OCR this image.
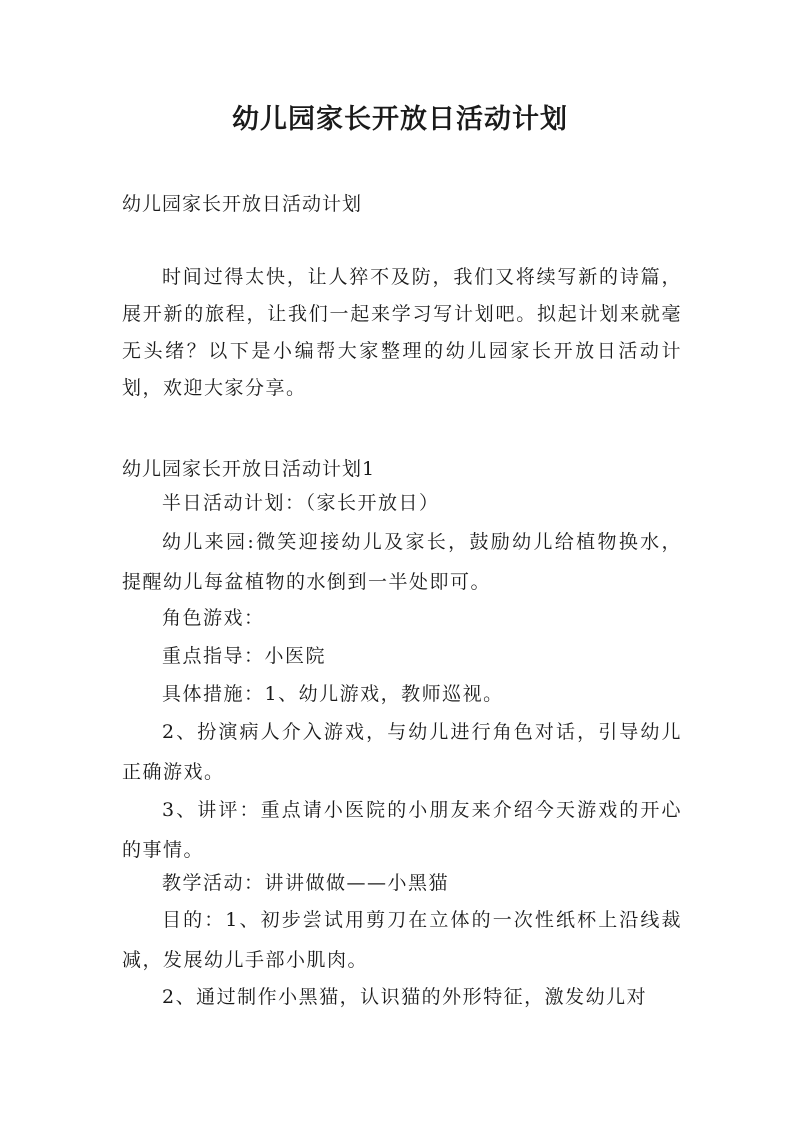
幼儿园家长开放日活动计划

幼儿园家长开放日活动计划

时间过得太快，让人猝不及防，我们又将续写新的诗篇，展开新的旅程，让我们一起来学习写计划吧。拟起计划来就毫无头绪？以下是小编帮大家整理的幼儿园家长开放日活动计划，欢迎大家分享。

幼儿园家长开放日活动计划1

半日活动计划：（家长开放日）

幼儿来园:微笑迎接幼儿及家长，鼓励幼儿给植物换水，提醒幼儿每盆植物的水倒到一半处即可。

角色游戏：

重点指导：小医院

具体措施：1、幼儿游戏，教师巡视。

2、扮演病人介入游戏，与幼儿进行角色对话，引导幼儿正确游戏。

3、讲评：重点请小医院的小朋友来介绍今天游戏的开心的事情。

教学活动：讲讲做做——小黑猫

目的：1、初步尝试用剪刀在立体的一次性纸杯上沿线裁减，发展幼儿手部小肌肉。

2、通过制作小黑猫，认识猫的外形特征，激发幼儿对
